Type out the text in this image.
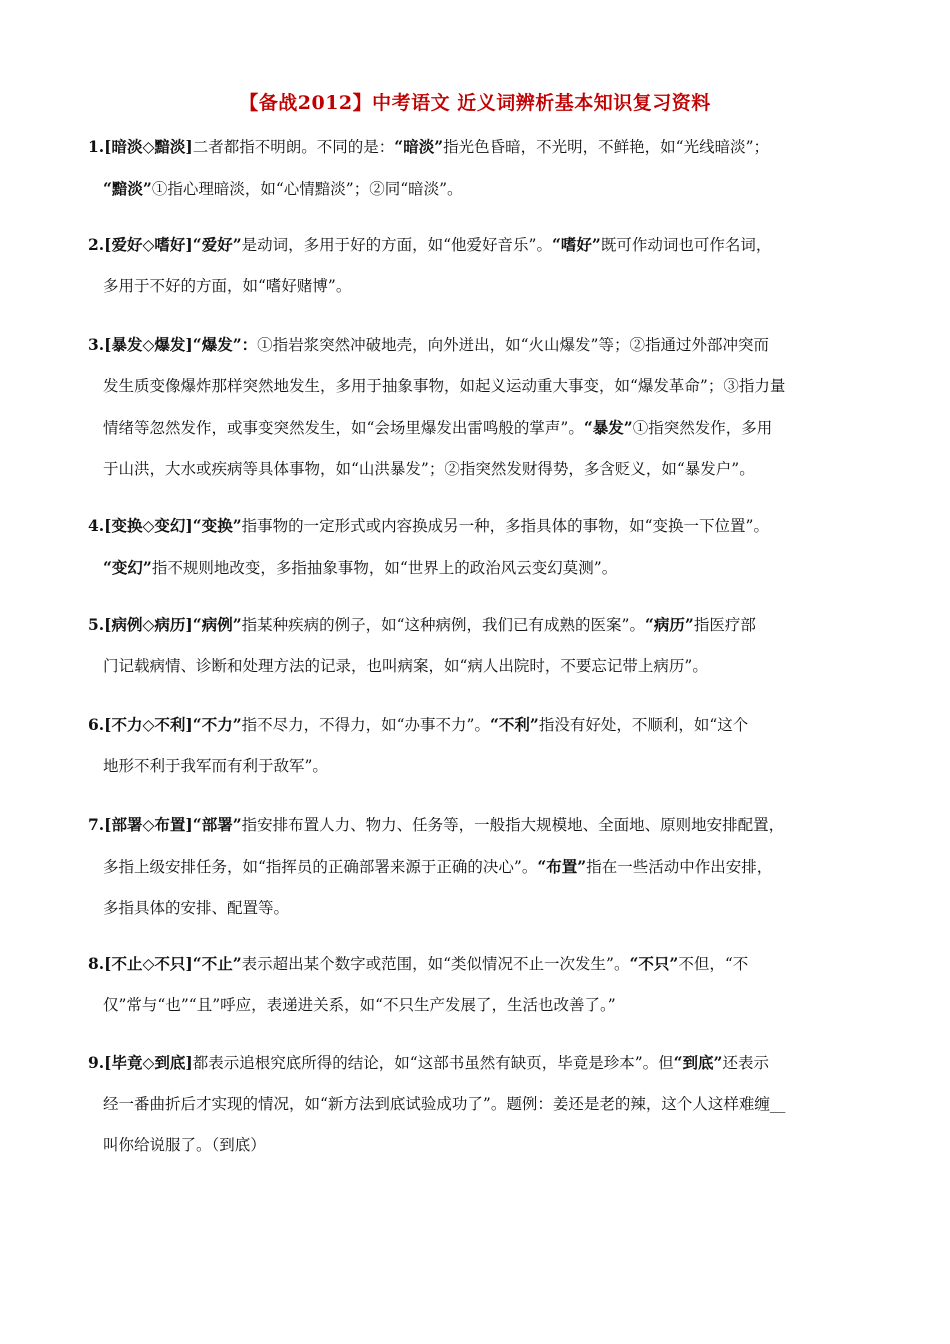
【备战2012】中考语文 近义词辨析基本知识复习资料
1.[暗淡◇黯淡]二者都指不明朗。不同的是：“暗淡”指光色昏暗，不光明，不鲜艳，如“光线暗淡”；
“黯淡”①指心理暗淡，如“心情黯淡”；②同“暗淡”。
2.[爱好◇嗜好]“爱好”是动词，多用于好的方面，如“他爱好音乐”。“嗜好”既可作动词也可作名词，
多用于不好的方面，如“嗜好赌博”。
3.[暴发◇爆发]“爆发”：①指岩浆突然冲破地壳，向外迸出，如“火山爆发”等；②指通过外部冲突而
发生质变像爆炸那样突然地发生，多用于抽象事物，如起义运动重大事变，如“爆发革命”；③指力量
情绪等忽然发作，或事变突然发生，如“会场里爆发出雷鸣般的掌声”。“暴发”①指突然发作，多用
于山洪，大水或疾病等具体事物，如“山洪暴发”；②指突然发财得势，多含贬义，如“暴发户”。
4.[变换◇变幻]“变换”指事物的一定形式或内容换成另一种，多指具体的事物，如“变换一下位置”。
“变幻”指不规则地改变，多指抽象事物，如“世界上的政治风云变幻莫测”。
5.[病例◇病历]“病例”指某种疾病的例子，如“这种病例，我们已有成熟的医案”。“病历”指医疗部
门记载病情、诊断和处理方法的记录，也叫病案，如“病人出院时，不要忘记带上病历”。
6.[不力◇不利]“不力”指不尽力，不得力，如“办事不力”。“不利”指没有好处，不顺利，如“这个
地形不利于我军而有利于敌军”。
7.[部署◇布置]“部署”指安排布置人力、物力、任务等，一般指大规模地、全面地、原则地安排配置，
多指上级安排任务，如“指挥员的正确部署来源于正确的决心”。“布置”指在一些活动中作出安排，
多指具体的安排、配置等。
8.[不止◇不只]“不止”表示超出某个数字或范围，如“类似情况不止一次发生”。“不只”不但，“不
仅”常与“也”“且”呼应，表递进关系，如“不只生产发展了，生活也改善了。”
9.[毕竟◇到底]都表示追根究底所得的结论，如“这部书虽然有缺页，毕竟是珍本”。但“到底”还表示
经一番曲折后才实现的情况，如“新方法到底试验成功了”。题例：姜还是老的辣，这个人这样难缠__
叫你给说服了。（到底）
